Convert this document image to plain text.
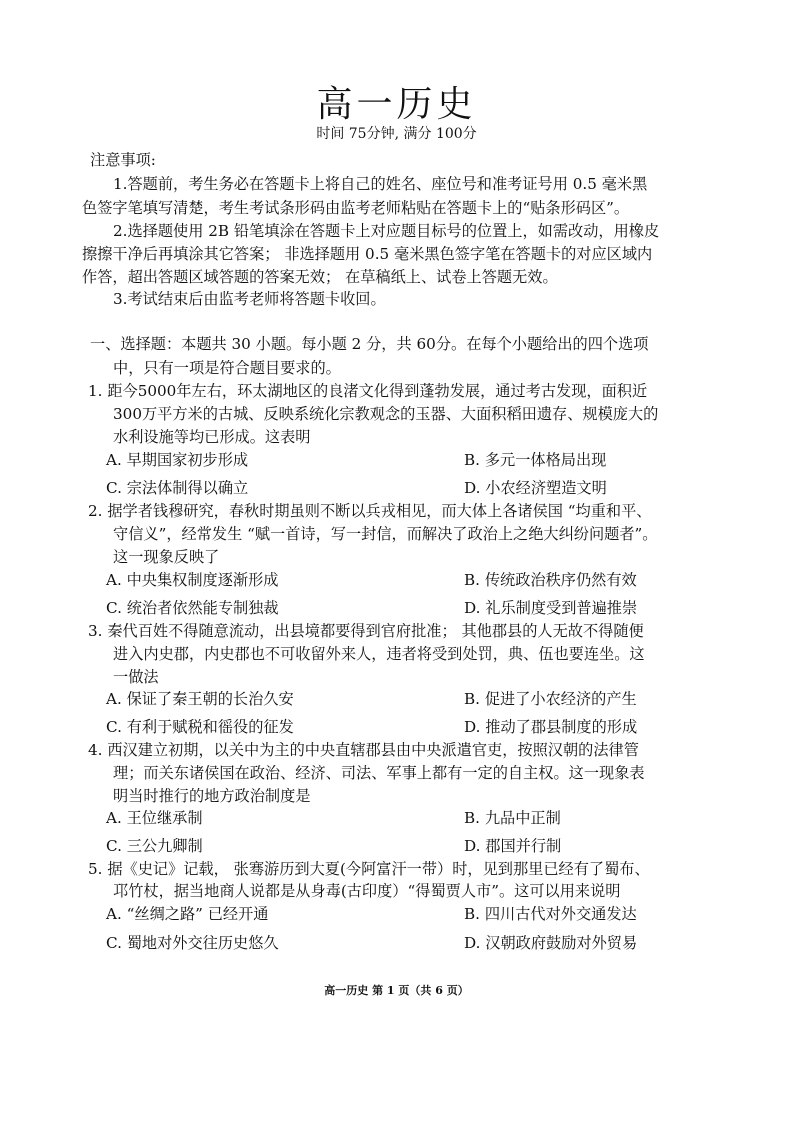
高一历史
时间 75分钟, 满分 100分
注意事项:
1.答题前，考生务必在答题卡上将自己的姓名、座位号和准考证号用 0.5 毫米黑
色签字笔填写清楚，考生考试条形码由监考老师粘贴在答题卡上的“贴条形码区”。
2.选择题使用 2B 铅笔填涂在答题卡上对应题目标号的位置上，如需改动，用橡皮
擦擦干净后再填涂其它答案； 非选择题用 0.5 毫米黑色签字笔在答题卡的对应区域内
作答，超出答题区域答题的答案无效； 在草稿纸上、试卷上答题无效。
3.考试结束后由监考老师将答题卡收回。
一、选择题：本题共 30 小题。每小题 2 分，共 60分。在每个小题给出的四个选项
中，只有一项是符合题目要求的。
1. 距今5000年左右，环太湖地区的良渚文化得到蓬勃发展，通过考古发现，面积近
300万平方米的古城、反映系统化宗教观念的玉器、大面积稻田遗存、规模庞大的
水利设施等均已形成。这表明
A. 早期国家初步形成	B. 多元一体格局出现
C. 宗法体制得以确立	D. 小农经济塑造文明
2. 据学者钱穆研究，春秋时期虽则不断以兵戎相见，而大体上各诸侯国 “均重和平、
守信义”，经常发生 “赋一首诗，写一封信，而解决了政治上之绝大纠纷问题者”。
这一现象反映了
A. 中央集权制度逐渐形成	B. 传统政治秩序仍然有效
C. 统治者依然能专制独裁	D. 礼乐制度受到普遍推崇
3. 秦代百姓不得随意流动，出县境都要得到官府批准； 其他郡县的人无故不得随便
进入内史郡，内史郡也不可收留外来人，违者将受到处罚，典、伍也要连坐。这
一做法
A. 保证了秦王朝的长治久安	B. 促进了小农经济的产生
C. 有利于赋税和徭役的征发	D. 推动了郡县制度的形成
4. 西汉建立初期，以关中为主的中央直辖郡县由中央派遣官吏，按照汉朝的法律管
理；而关东诸侯国在政治、经济、司法、军事上都有一定的自主权。这一现象表
明当时推行的地方政治制度是
A. 王位继承制	B. 九品中正制
C. 三公九卿制	D. 郡国并行制
5. 据《史记》记载， 张骞游历到大夏(今阿富汗一带）时，见到那里已经有了蜀布、
邛竹杖，据当地商人说都是从身毒(古印度）“得蜀贾人市”。这可以用来说明
A. “丝绸之路” 已经开通	B. 四川古代对外交通发达
C. 蜀地对外交往历史悠久	D. 汉朝政府鼓励对外贸易
高一历史 第 1 页（共 6 页）
